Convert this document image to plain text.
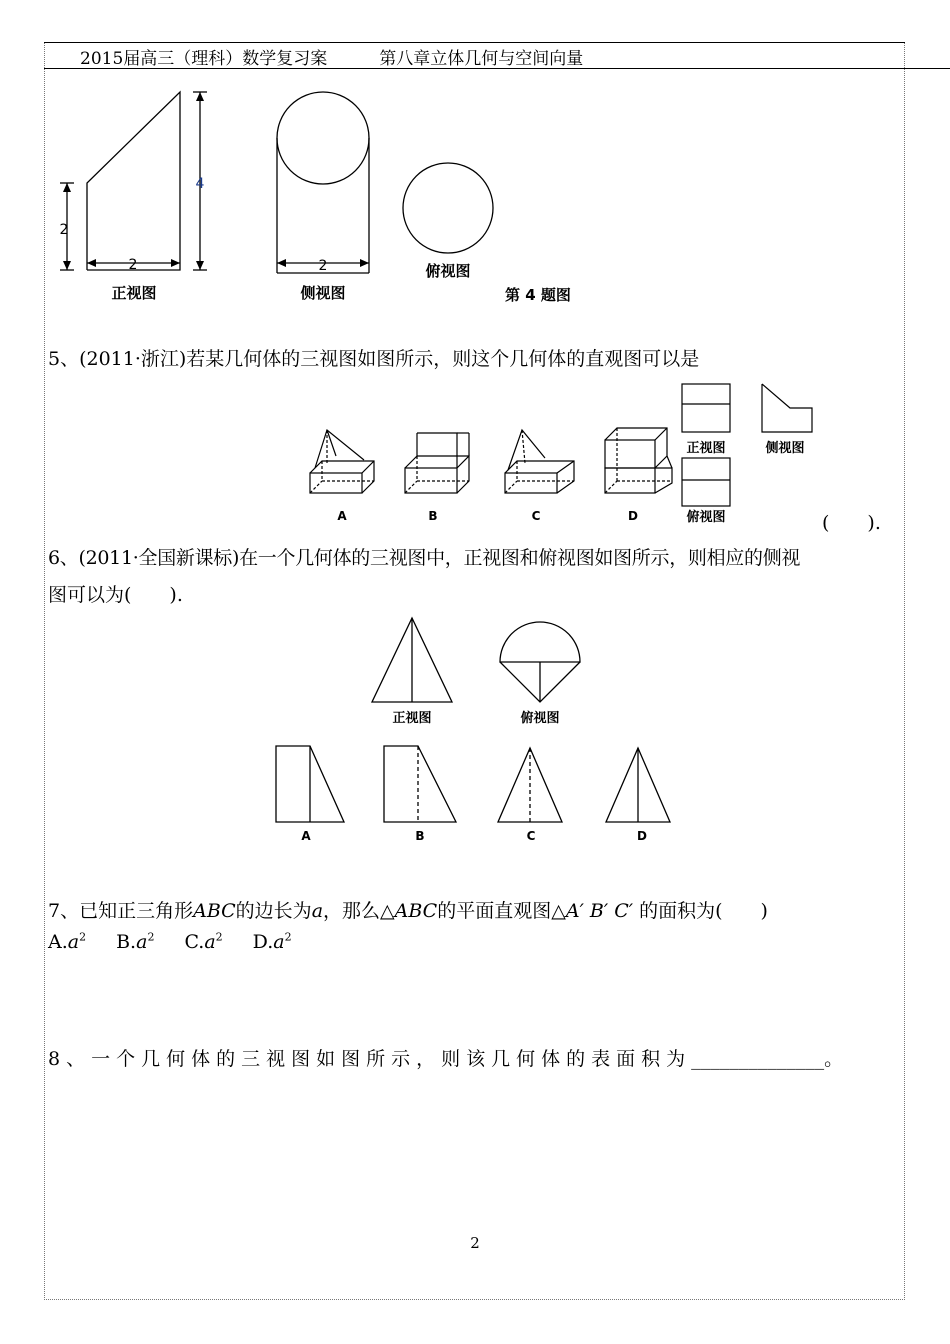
2015届高三（理科）数学复习案	第八章立体几何与空间向量
2
4
2	2
正视图	侧视图
俯视图
第 4 题图
5、(2011·浙江)若某几何体的三视图如图所示，则这个几何体的直观图可以是
A	B	C	D
正视图	侧视图
俯视图	(　　).
6、(2011·全国新课标)在一个几何体的三视图中，正视图和俯视图如图所示，则相应的侧视
图可以为(　　).
正视图	俯视图
A	B	C	D
7、已知正三角形ABC的边长为a，那么△ABC的平面直观图△A′ B′ C′ 的面积为(　　)
$A.a^2$ $B.a^2$ $C.a^2$ $D.a^2$
8、一个几何体的三视图如图所示，则该几何体的表面积为______________。
2
